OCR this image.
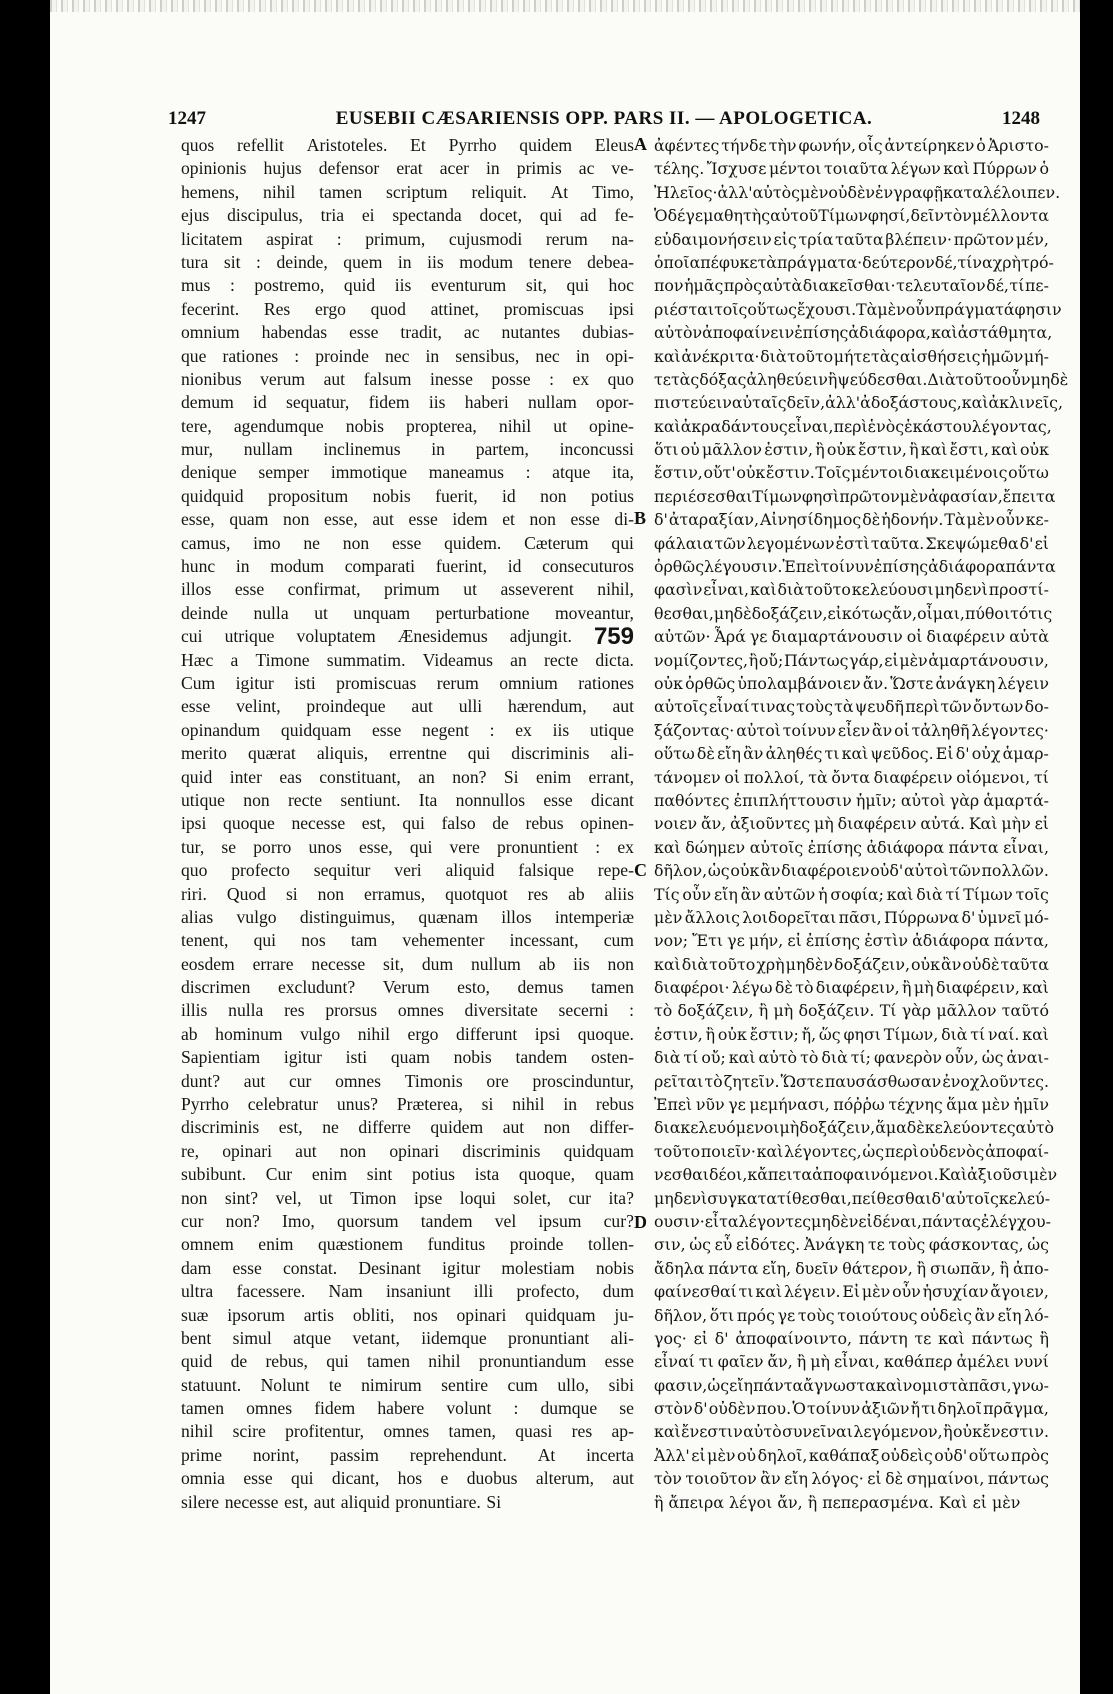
1247	EUSEBII CÆSARIENSIS OPP. PARS II. — APOLOGETICA.	1248
quos refellit Aristoteles. Et Pyrrho quidem Eleus
opinionis hujus defensor erat acer in primis ac ve-
hemens, nihil tamen scriptum reliquit. At Timo,
ejus discipulus, tria ei spectanda docet, qui ad fe-
licitatem aspirat : primum, cujusmodi rerum na-
tura sit : deinde, quem in iis modum tenere debea-
mus : postremo, quid iis eventurum sit, qui hoc
fecerint. Res ergo quod attinet, promiscuas ipsi
omnium habendas esse tradit, ac nutantes dubias-
que rationes : proinde nec in sensibus, nec in opi-
nionibus verum aut falsum inesse posse : ex quo
demum id sequatur, fidem iis haberi nullam opor-
tere, agendumque nobis propterea, nihil ut opine-
mur, nullam inclinemus in partem, inconcussi
denique semper immotique maneamus : atque ita,
quidquid propositum nobis fuerit, id non potius
esse, quam non esse, aut esse idem et non esse di-
camus, imo ne non esse quidem. Cæterum qui
hunc in modum comparati fuerint, id consecuturos
illos esse confirmat, primum ut asseverent nihil,
deinde nulla ut unquam perturbatione moveantur,
cui utrique voluptatem Ænesidemus adjungit. 759
Hæc a Timone summatim. Videamus an recte dicta.
Cum igitur isti promiscuas rerum omnium rationes
esse velint, proindeque aut ulli hærendum, aut
opinandum quidquam esse negent : ex iis utique
merito quærat aliquis, errentne qui discriminis ali-
quid inter eas constituant, an non? Si enim errant,
utique non recte sentiunt. Ita nonnullos esse dicant
ipsi quoque necesse est, qui falso de rebus opinen-
tur, se porro unos esse, qui vere pronuntient : ex
quo profecto sequitur veri aliquid falsique repe-
riri. Quod si non erramus, quotquot res ab aliis
alias vulgo distinguimus, quænam illos intemperiæ
tenent, qui nos tam vehementer incessant, cum
eosdem errare necesse sit, dum nullum ab iis non
discrimen excludunt? Verum esto, demus tamen
illis nulla res prorsus omnes diversitate secerni :
ab hominum vulgo nihil ergo differunt ipsi quoque.
Sapientiam igitur isti quam nobis tandem osten-
dunt? aut cur omnes Timonis ore proscinduntur,
Pyrrho celebratur unus? Præterea, si nihil in rebus
discriminis est, ne differre quidem aut non differ-
re, opinari aut non opinari discriminis quidquam
subibunt. Cur enim sint potius ista quoque, quam
non sint? vel, ut Timon ipse loqui solet, cur ita?
cur non? Imo, quorsum tandem vel ipsum cur?
omnem enim quæstionem funditus proinde tollen-
dam esse constat. Desinant igitur molestiam nobis
ultra facessere. Nam insaniunt illi profecto, dum
suæ ipsorum artis obliti, nos opinari quidquam ju-
bent simul atque vetant, iidemque pronuntiant ali-
quid de rebus, qui tamen nihil pronuntiandum esse
statuunt. Nolunt te nimirum sentire cum ullo, sibi
tamen omnes fidem habere volunt : dumque se
nihil scire profitentur, omnes tamen, quasi res ap-
prime norint, passim reprehendunt. At incerta
omnia esse qui dicant, hos e duobus alterum, aut
silere necesse est, aut aliquid pronuntiare. Si
ἀφέντες τήνδε τὴν φωνήν, οἷς ἀντείρηκεν ὁ Ἀριστο-
τέλης. Ἴσχυσε μέντοι τοιαῦτα λέγων καὶ Πύρρων ὁ
Ἠλεῖος· ἀλλ' αὐτὸς μὲν οὐδὲν ἐν γραφῇ καταλέλοιπεν.
Ὁ δέ γε μαθητὴς αὐτοῦ Τίμων φησί, δεῖν τὸν μέλλοντα
εὐδαιμονήσειν εἰς τρία ταῦτα βλέπειν· πρῶτον μέν,
ὁποῖα πέφυκε τὰ πράγματα· δεύτερον δέ, τίνα χρὴ τρό-
πον ἡμᾶς πρὸς αὐτὰ διακεῖσθαι· τελευταῖον δέ, τί πε-
ριέσται τοῖς οὕτως ἔχουσι. Τὰ μὲν οὖν πράγματά φησιν
αὐτὸν ἀποφαίνειν ἐπίσης ἀδιάφορα, καὶ ἀστάθμητα,
καὶ ἀνέκριτα· διὰ τοῦτο μήτε τὰς αἰσθήσεις ἡμῶν μή-
τε τὰς δόξας ἀληθεύειν ἢ ψεύδεσθαι. Διὰ τοῦτο οὖν μηδὲ
πιστεύειν αὐταῖς δεῖν, ἀλλ' ἀδοξάστους, καὶ ἀκλινεῖς,
καὶ ἀκραδάντους εἶναι, περὶ ἑνὸς ἑκάστου λέγοντας,
ὅτι οὐ μᾶλλον ἐστιν, ἢ οὐκ ἔστιν, ἢ καὶ ἔστι, καὶ οὐκ
ἔστιν, οὔτ' οὐκ ἔστιν. Τοῖς μέντοι διακειμένοις οὕτω
περιέσεσθαι Τίμων φησὶ πρῶτον μὲν ἀφασίαν, ἔπειτα
δ' ἀταραξίαν, Αἰνησίδημος δὲ ἡδονήν. Τὰ μὲν οὖν κε-
φάλαια τῶν λεγομένων ἐστὶ ταῦτα. Σκεψώμεθα δ' εἰ
ὀρθῶς λέγουσιν. Ἐπεὶ τοίνυν ἐπίσης ἀδιάφορα πάντα
φασὶν εἶναι, καὶ διὰ τοῦτο κελεύουσι μηδενὶ προστί-
θεσθαι, μηδὲ δοξάζειν, εἰκότως ἄν, οἶμαι, πύθοιτό τις
αὐτῶν· Ἆρά γε διαμαρτάνουσιν οἱ διαφέρειν αὐτὰ
νομίζοντες, ἢ οὔ; Πάντως γάρ, εἰ μὲν ἁμαρτάνουσιν,
οὐκ ὀρθῶς ὑπολαμβάνοιεν ἄν. Ὥστε ἀνάγκη λέγειν
αὐτοῖς εἶναί τινας τοὺς τὰ ψευδῆ περὶ τῶν ὄντων δο-
ξάζοντας· αὐτοὶ τοίνυν εἶεν ἂν οἱ τἀληθῆ λέγοντες·
οὕτω δὲ εἴη ἂν ἀληθές τι καὶ ψεῦδος. Εἰ δ' οὐχ ἁμαρ-
τάνομεν οἱ πολλοί, τὰ ὄντα διαφέρειν οἰόμενοι, τί
παθόντες ἐπιπλήττουσιν ἡμῖν; αὐτοὶ γὰρ ἁμαρτά-
νοιεν ἄν, ἀξιοῦντες μὴ διαφέρειν αὐτά. Καὶ μὴν εἰ
καὶ δώημεν αὐτοῖς ἐπίσης ἀδιάφορα πάντα εἶναι,
δῆλον, ὡς οὐκ ἂν διαφέροιεν οὐδ' αὐτοὶ τῶν πολλῶν.
Τίς οὖν εἴη ἂν αὐτῶν ἡ σοφία; καὶ διὰ τί Τίμων τοῖς
μὲν ἄλλοις λοιδορεῖται πᾶσι, Πύρρωνα δ' ὑμνεῖ μό-
νον; Ἔτι γε μήν, εἰ ἐπίσης ἐστὶν ἀδιάφορα πάντα,
καὶ διὰ τοῦτο χρὴ μηδὲν δοξάζειν, οὐκ ἂν οὐδὲ ταῦτα
διαφέροι· λέγω δὲ τὸ διαφέρειν, ἢ μὴ διαφέρειν, καὶ
τὸ δοξάζειν, ἢ μὴ δοξάζειν. Τί γὰρ μᾶλλον ταῦτό
ἐστιν, ἢ οὐκ ἔστιν; ἤ, ὥς φησι Τίμων, διὰ τί ναί. καὶ
διὰ τί οὔ; καὶ αὐτὸ τὸ διὰ τί; φανερὸν οὖν, ὡς ἀναι-
ρεῖται τὸ ζητεῖν. Ὥστε παυσάσθωσαν ἐνοχλοῦντες.
Ἐπεὶ νῦν γε μεμήνασι, πόῤῥω τέχνης ἅμα μὲν ἡμῖν
διακελευόμενοι μὴ δοξάζειν, ἅμα δὲ κελεύοντες αὐτὸ
τοῦτο ποιεῖν· καὶ λέγοντες, ὡς περὶ οὐδενὸς ἀποφαί-
νεσθαι δέοι, κἄπειτα ἀποφαινόμενοι. Καὶ ἀξιοῦσι μὲν
μηδενὶ συγκατατίθεσθαι, πείθεσθαι δ' αὐτοῖς κελεύ-
ουσιν· εἶτα λέγοντες μηδὲν εἰδέναι, πάντας ἐλέγχου-
σιν, ὡς εὖ εἰδότες. Ἀνάγκη τε τοὺς φάσκοντας, ὡς
ἄδηλα πάντα εἴη, δυεῖν θάτερον, ἢ σιωπᾶν, ἢ ἀπο-
φαίνεσθαί τι καὶ λέγειν. Εἰ μὲν οὖν ἡσυχίαν ἄγοιεν,
δῆλον, ὅτι πρός γε τοὺς τοιούτους οὐδεὶς ἂν εἴη λό-
γος· εἰ δ' ἀποφαίνοιντο, πάντη τε καὶ πάντως ἢ
εἶναί τι φαῖεν ἄν, ἢ μὴ εἶναι, καθάπερ ἀμέλει νυνί
φασιν, ὡς εἴη πάντα ἄγνωστα καὶ νομιστὰ πᾶσι, γνω-
στὸν δ' οὐδὲν που. Ὁ τοίνυν ἀξιῶν ἤ τι δηλοῖ πρᾶγμα,
καὶ ἔνεστιν αὐτὸ συνεῖναι λεγόμενον, ἢ οὐκ ἔνεστιν.
Ἀλλ' εἰ μὲν οὐ δηλοῖ, καθάπαξ οὐδεὶς οὐδ' οὕτω πρὸς
τὸν τοιοῦτον ἂν εἴη λόγος· εἰ δὲ σημαίνοι, πάντως
ἢ ἄπειρα λέγοι ἄν, ἢ πεπερασμένα. Καὶ εἰ μὲν
A
B
C
D
